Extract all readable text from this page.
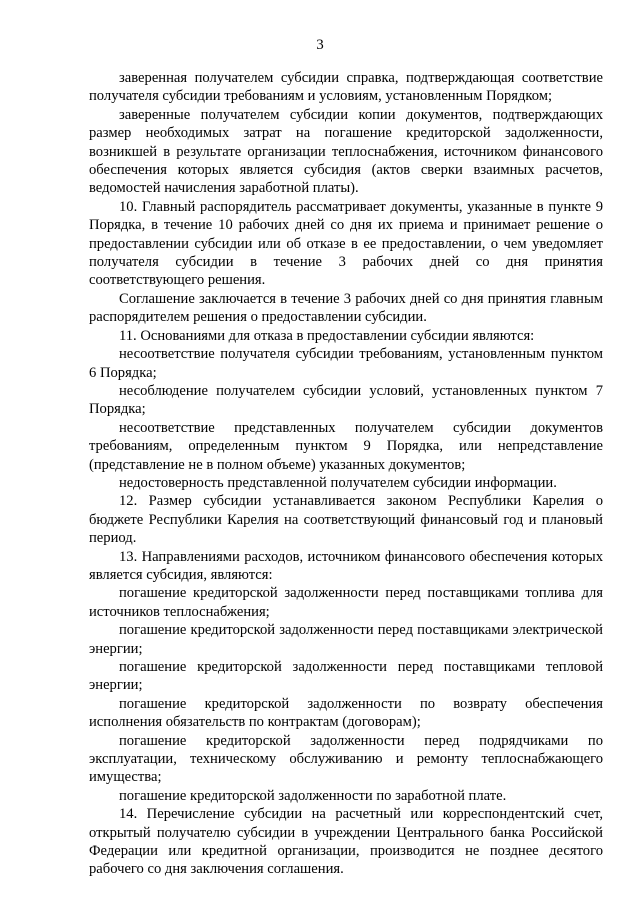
3

заверенная получателем субсидии справка, подтверждающая соответствие получателя субсидии требованиям и условиям, установленным Порядком;

заверенные получателем субсидии копии документов, подтверждающих размер необходимых затрат на погашение кредиторской задолженности, возникшей в результате организации теплоснабжения, источником финансового обеспечения которых является субсидия (актов сверки взаимных расчетов, ведомостей начисления заработной платы).

10. Главный распорядитель рассматривает документы, указанные в пункте 9 Порядка, в течение 10 рабочих дней со дня их приема и принимает решение о предоставлении субсидии или об отказе в ее предоставлении, о чем уведомляет получателя субсидии в течение 3 рабочих дней со дня принятия соответствующего решения.

Соглашение заключается в течение 3 рабочих дней со дня принятия главным распорядителем решения о предоставлении субсидии.

11. Основаниями для отказа в предоставлении субсидии являются:

несоответствие получателя субсидии требованиям, установленным пунктом 6 Порядка;

несоблюдение получателем субсидии условий, установленных пунктом 7 Порядка;

несоответствие представленных получателем субсидии документов требованиям, определенным пунктом 9 Порядка, или непредставление (представление не в полном объеме) указанных документов;

недостоверность представленной получателем субсидии информации.

12. Размер субсидии устанавливается законом Республики Карелия о бюджете Республики Карелия на соответствующий финансовый год и плановый период.

13. Направлениями расходов, источником финансового обеспечения которых является субсидия, являются:

погашение кредиторской задолженности перед поставщиками топлива для источников теплоснабжения;

погашение кредиторской задолженности перед поставщиками электрической энергии;

погашение кредиторской задолженности перед поставщиками тепловой энергии;

погашение кредиторской задолженности по возврату обеспечения исполнения обязательств по контрактам (договорам);

погашение кредиторской задолженности перед подрядчиками по эксплуатации, техническому обслуживанию и ремонту теплоснабжающего имущества;

погашение кредиторской задолженности по заработной плате.

14. Перечисление субсидии на расчетный или корреспондентский счет, открытый получателю субсидии в учреждении Центрального банка Российской Федерации или кредитной организации, производится не позднее десятого рабочего со дня заключения соглашения.
